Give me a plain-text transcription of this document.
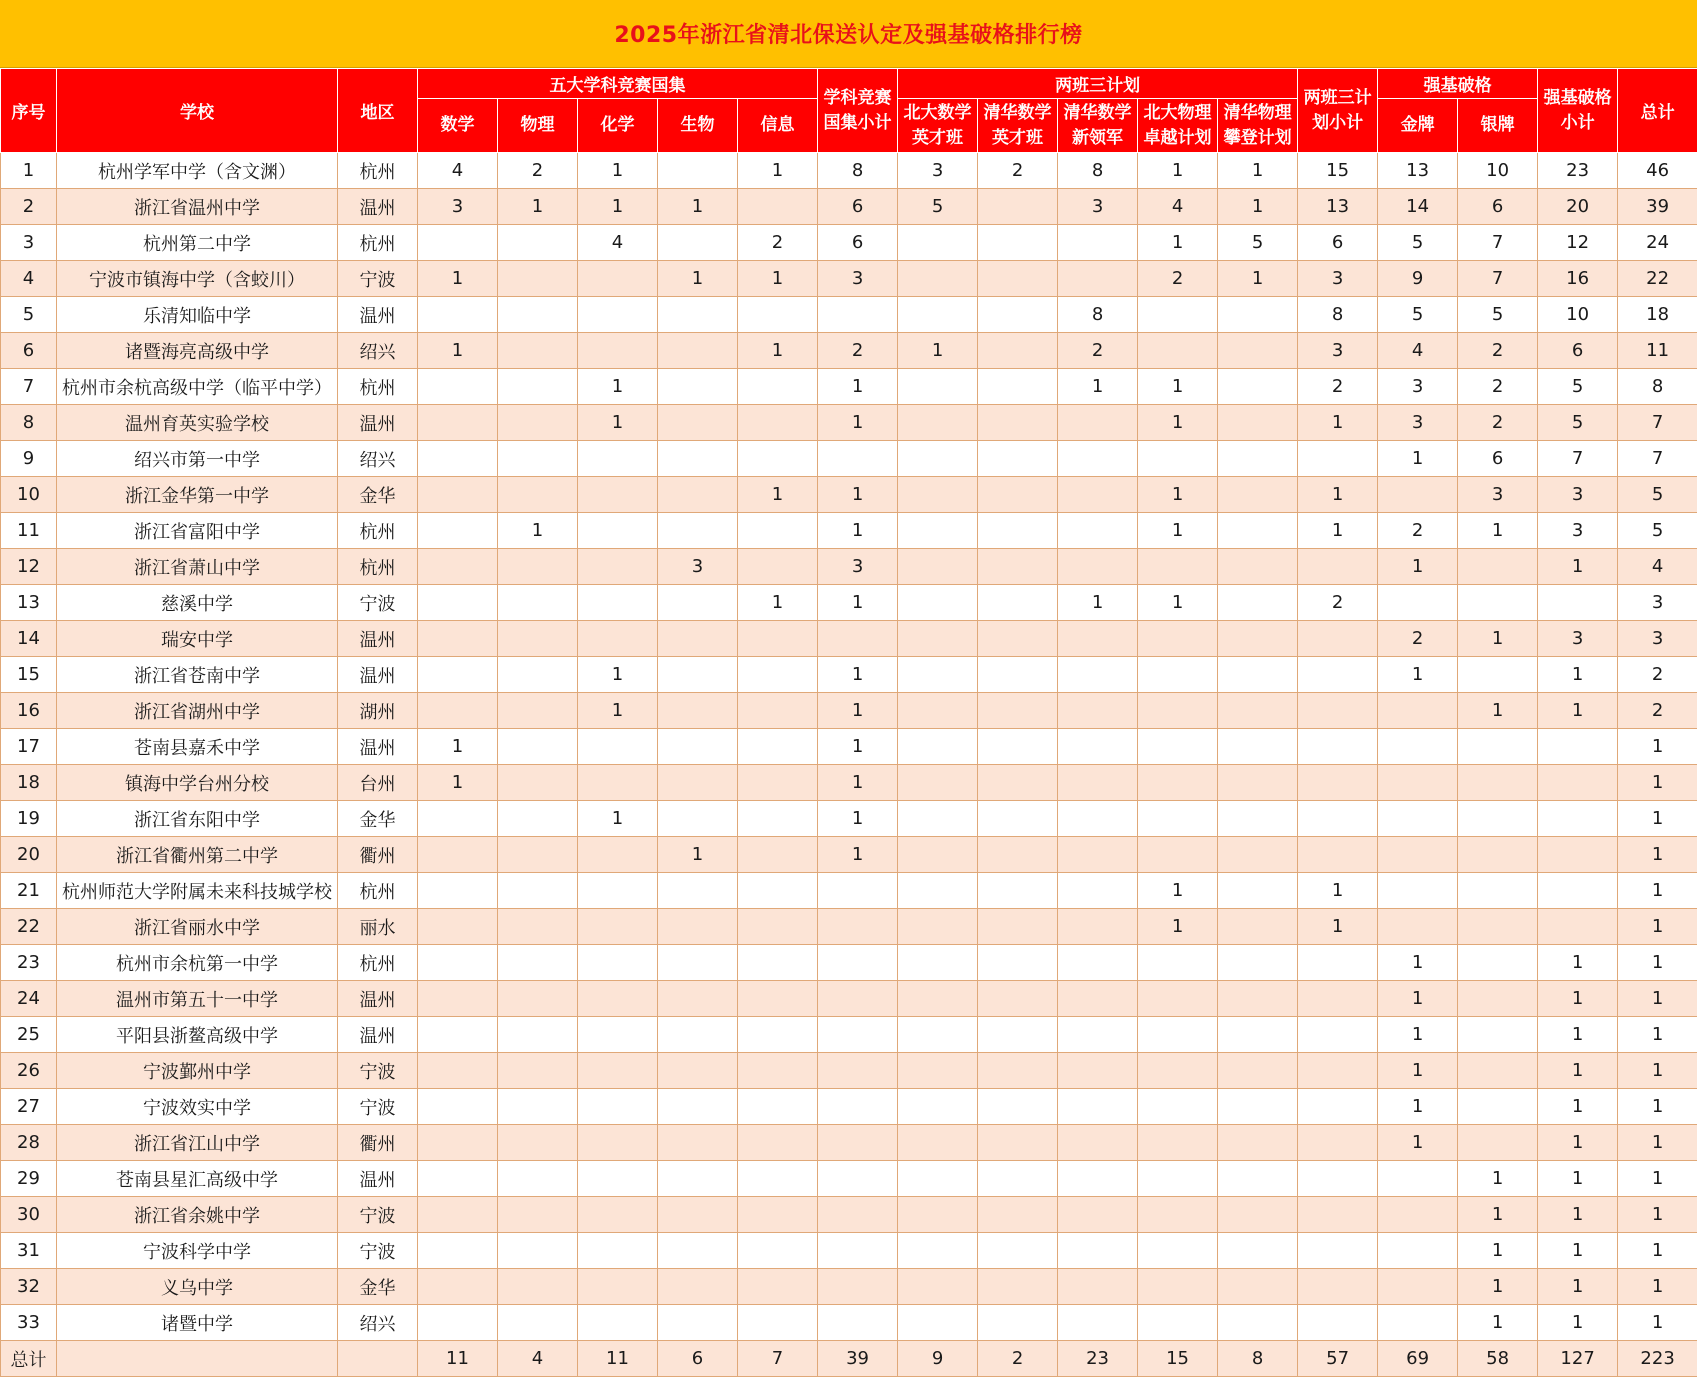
2025年浙江省清北保送认定及强基破格排行榜
序号	学校	地区	五大学科竞赛国集					学科竞赛国集小计	两班三计划					两班三计划小计	强基破格		强基破格小计	总计
			数学	物理	化学	生物	信息		北大数学英才班	清华数学英才班	清华数学新领军	北大物理卓越计划	清华物理攀登计划		金牌	银牌		
1	杭州学军中学（含文渊）	杭州	4	2	1		1	8	3	2	8	1	1	15	13	10	23	46
2	浙江省温州中学	温州	3	1	1	1		6	5		3	4	1	13	14	6	20	39
3	杭州第二中学	杭州			4		2	6				1	5	6	5	7	12	24
4	宁波市镇海中学（含蛟川）	宁波	1			1	1	3				2	1	3	9	7	16	22
5	乐清知临中学	温州									8			8	5	5	10	18
6	诸暨海亮高级中学	绍兴	1				1	2	1		2			3	4	2	6	11
7	杭州市余杭高级中学（临平中学）	杭州			1			1			1	1		2	3	2	5	8
8	温州育英实验学校	温州			1			1				1		1	3	2	5	7
9	绍兴市第一中学	绍兴													1	6	7	7
10	浙江金华第一中学	金华					1	1				1		1		3	3	5
11	浙江省富阳中学	杭州		1				1				1		1	2	1	3	5
12	浙江省萧山中学	杭州				3		3							1		1	4
13	慈溪中学	宁波					1	1			1	1		2				3
14	瑞安中学	温州													2	1	3	3
15	浙江省苍南中学	温州			1			1							1		1	2
16	浙江省湖州中学	湖州			1			1								1	1	2
17	苍南县嘉禾中学	温州	1					1										1
18	镇海中学台州分校	台州	1					1										1
19	浙江省东阳中学	金华			1			1										1
20	浙江省衢州第二中学	衢州				1		1										1
21	杭州师范大学附属未来科技城学校	杭州										1		1				1
22	浙江省丽水中学	丽水										1		1				1
23	杭州市余杭第一中学	杭州													1		1	1
24	温州市第五十一中学	温州													1		1	1
25	平阳县浙鳌高级中学	温州													1		1	1
26	宁波鄞州中学	宁波													1		1	1
27	宁波效实中学	宁波													1		1	1
28	浙江省江山中学	衢州													1		1	1
29	苍南县星汇高级中学	温州														1	1	1
30	浙江省余姚中学	宁波														1	1	1
31	宁波科学中学	宁波														1	1	1
32	义乌中学	金华														1	1	1
33	诸暨中学	绍兴														1	1	1
总计			11	4	11	6	7	39	9	2	23	15	8	57	69	58	127	223
